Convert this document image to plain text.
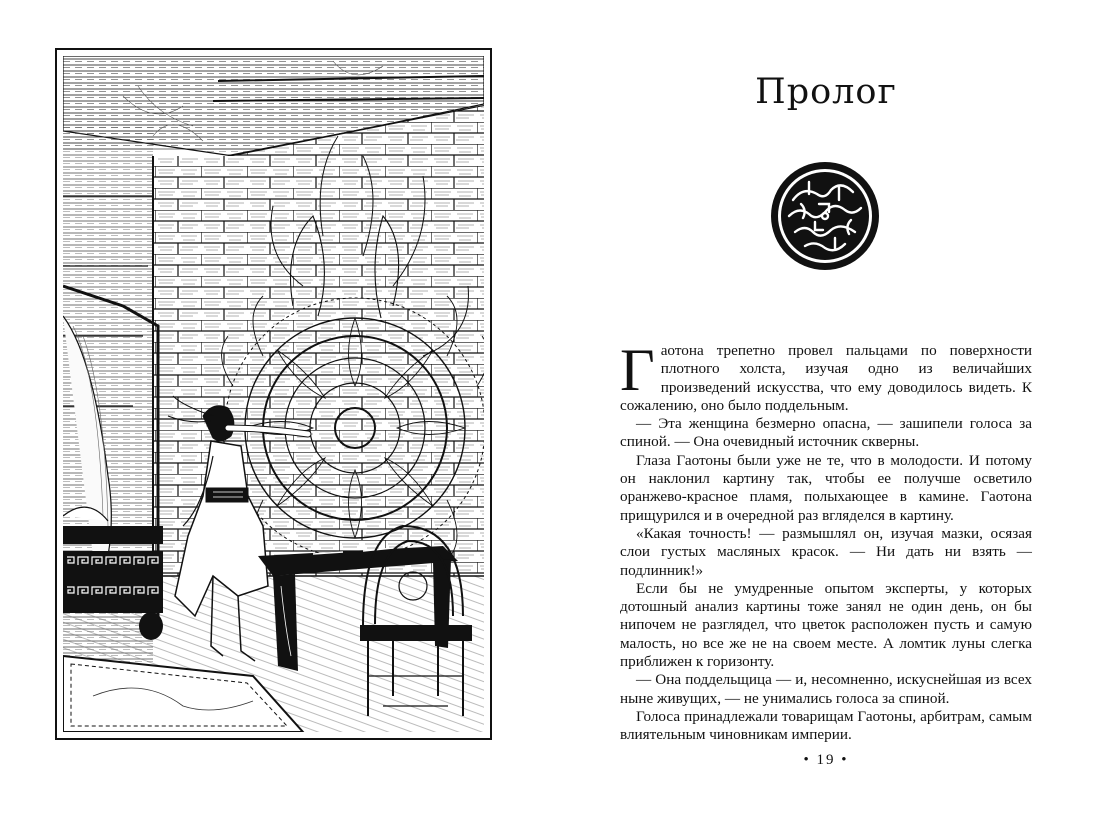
Пролог

Гаотона трепетно провел пальцами по поверхности плотного холста, изучая одно из величайших произведений искусства, что ему доводилось видеть. К сожалению, оно было поддельным.

— Эта женщина безмерно опасна, — зашипели голоса за спиной. — Она очевидный источник скверны.

Глаза Гаотоны были уже не те, что в молодости. И потому он наклонил картину так, чтобы ее получше осветило оранжево-красное пламя, полыхающее в камине. Гаотона прищурился и в очередной раз вгляделся в картину.

«Какая точность! — размышлял он, изучая мазки, осязая слои густых масляных красок. — Ни дать ни взять — подлинник!»

Если бы не умудренные опытом эксперты, у которых дотошный анализ картины тоже занял не один день, он бы нипочем не разглядел, что цветок расположен пусть и самую малость, но все же не на своем месте. А ломтик луны слегка приближен к горизонту.

— Она поддельщица — и, несомненно, искуснейшая из всех ныне живущих, — не унимались голоса за спиной.

Голоса принадлежали товарищам Гаотоны, арбитрам, самым влиятельным чиновникам империи.

• 19 •
